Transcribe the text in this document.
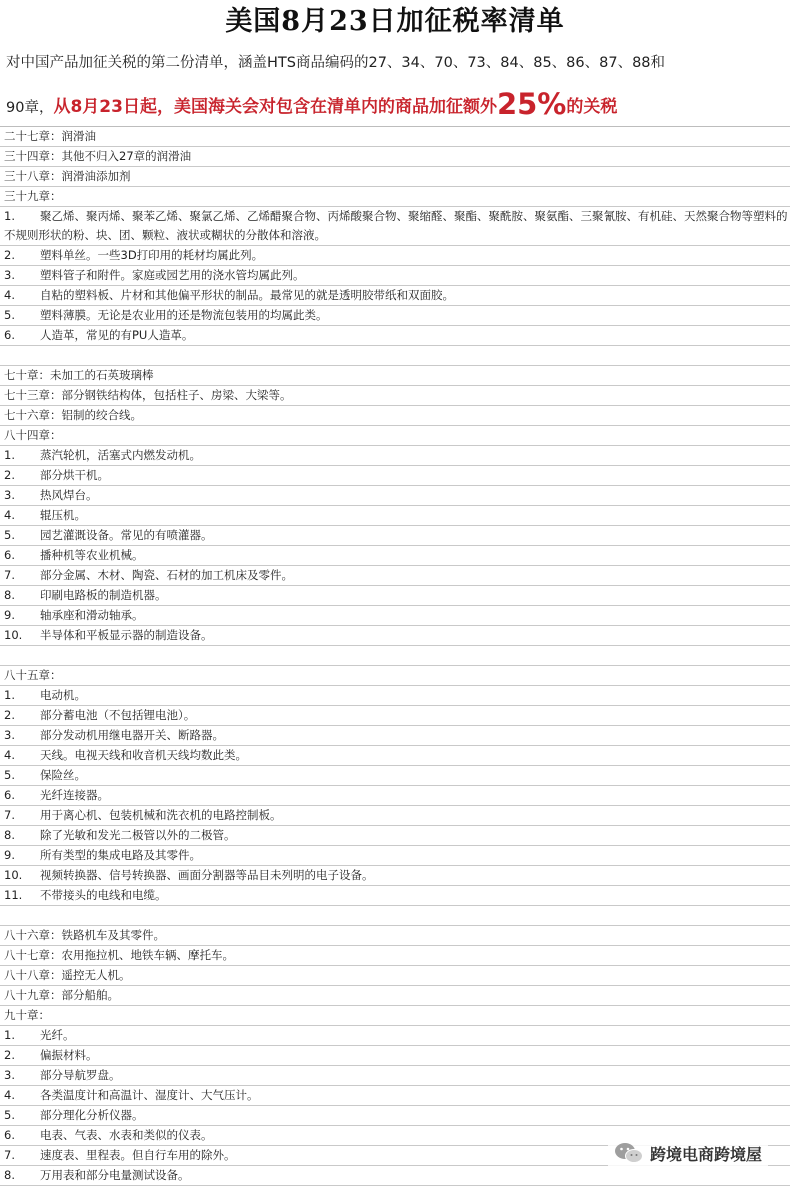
美国8月23日加征税率清单
对中国产品加征关税的第二份清单，涵盖HTS商品编码的27、34、70、73、84、85、86、87、88和
90章，从8月23日起，美国海关会对包含在清单内的商品加征额外25%的关税
二十七章：润滑油
三十四章：其他不归入27章的润滑油
三十八章：润滑油添加剂
三十九章：
1. 聚乙烯、聚丙烯、聚苯乙烯、聚氯乙烯、乙烯醋聚合物、丙烯酸聚合物、聚缩醛、聚酯、聚酰胺、聚氨酯、三聚氰胺、有机硅、天然聚合物等塑料的不规则形状的粉、块、团、颗粒、液状或糊状的分散体和溶液。
2. 塑料单丝。一些3D打印用的耗材均属此列。
3. 塑料管子和附件。家庭或园艺用的浇水管均属此列。
4. 自粘的塑料板、片材和其他偏平形状的制品。最常见的就是透明胶带纸和双面胶。
5. 塑料薄膜。无论是农业用的还是物流包装用的均属此类。
6. 人造革，常见的有PU人造革。
七十章：未加工的石英玻璃棒
七十三章：部分钢铁结构体，包括柱子、房梁、大梁等。
七十六章：铝制的绞合线。
八十四章：
1. 蒸汽轮机，活塞式内燃发动机。
2. 部分烘干机。
3. 热风焊台。
4. 辊压机。
5. 园艺灌溉设备。常见的有喷灌器。
6. 播种机等农业机械。
7. 部分金属、木材、陶瓷、石材的加工机床及零件。
8. 印刷电路板的制造机器。
9. 轴承座和滑动轴承。
10. 半导体和平板显示器的制造设备。
八十五章：
1. 电动机。
2. 部分蓄电池（不包括锂电池）。
3. 部分发动机用继电器开关、断路器。
4. 天线。电视天线和收音机天线均数此类。
5. 保险丝。
6. 光纤连接器。
7. 用于离心机、包装机械和洗衣机的电路控制板。
8. 除了光敏和发光二极管以外的二极管。
9. 所有类型的集成电路及其零件。
10. 视频转换器、信号转换器、画面分割器等品目未列明的电子设备。
11. 不带接头的电线和电缆。
八十六章：铁路机车及其零件。
八十七章：农用拖拉机、地铁车辆、摩托车。
八十八章：遥控无人机。
八十九章：部分船舶。
九十章：
1. 光纤。
2. 偏振材料。
3. 部分导航罗盘。
4. 各类温度计和高温计、湿度计、大气压计。
5. 部分理化分析仪器。
6. 电表、气表、水表和类似的仪表。
7. 速度表、里程表。但自行车用的除外。
8. 万用表和部分电量测试设备。
跨境电商跨境屋
